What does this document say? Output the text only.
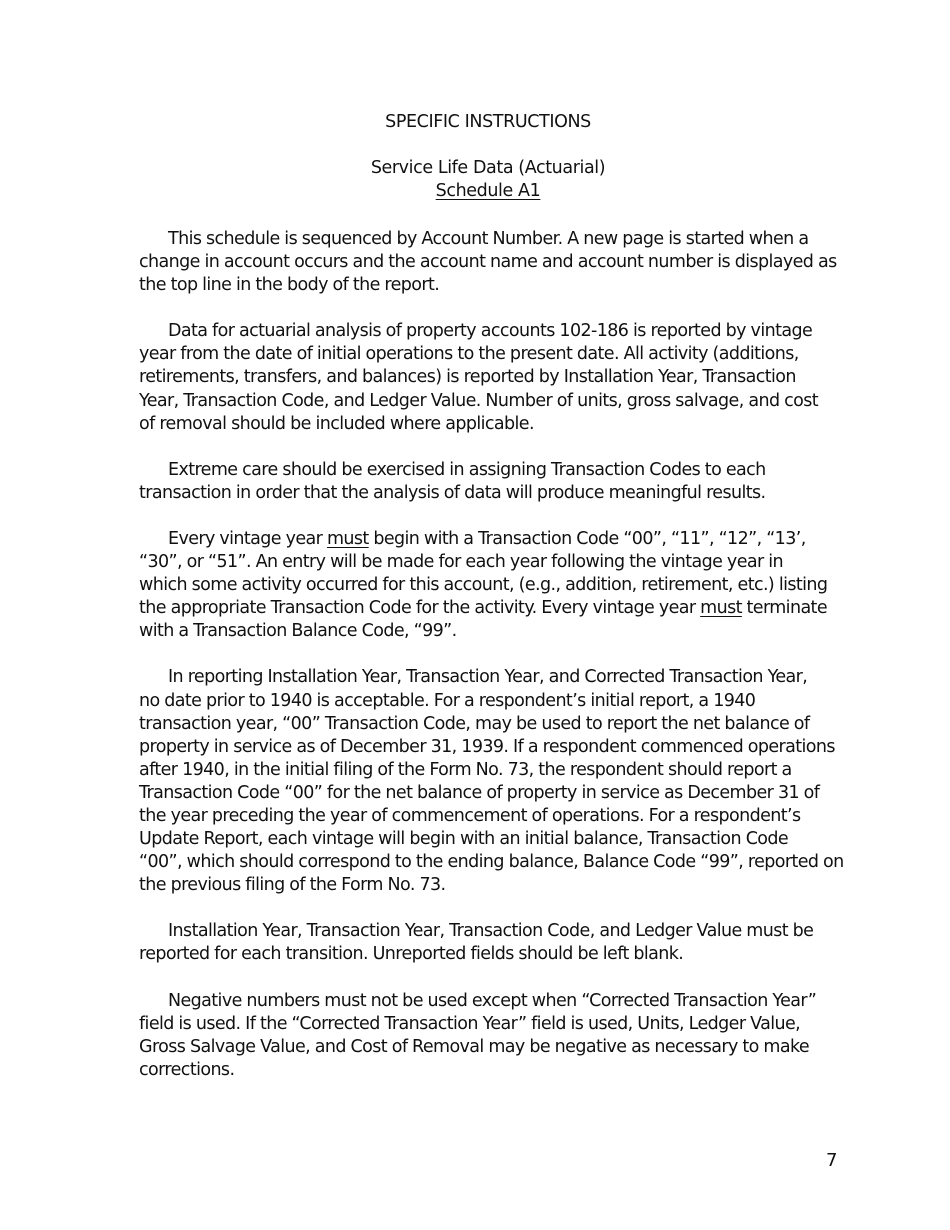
SPECIFIC INSTRUCTIONS
Service Life Data (Actuarial)
Schedule A1

This schedule is sequenced by Account Number. A new page is started when a
change in account occurs and the account name and account number is displayed as
the top line in the body of the report.

Data for actuarial analysis of property accounts 102-186 is reported by vintage
year from the date of initial operations to the present date. All activity (additions,
retirements, transfers, and balances) is reported by Installation Year, Transaction
Year, Transaction Code, and Ledger Value. Number of units, gross salvage, and cost
of removal should be included where applicable.

Extreme care should be exercised in assigning Transaction Codes to each
transaction in order that the analysis of data will produce meaningful results.

Every vintage year must begin with a Transaction Code “00”, “11”, “12”, “13’,
“30”, or “51”. An entry will be made for each year following the vintage year in
which some activity occurred for this account, (e.g., addition, retirement, etc.) listing
the appropriate Transaction Code for the activity. Every vintage year must terminate
with a Transaction Balance Code, “99”.

In reporting Installation Year, Transaction Year, and Corrected Transaction Year,
no date prior to 1940 is acceptable. For a respondent’s initial report, a 1940
transaction year, “00” Transaction Code, may be used to report the net balance of
property in service as of December 31, 1939. If a respondent commenced operations
after 1940, in the initial filing of the Form No. 73, the respondent should report a
Transaction Code “00” for the net balance of property in service as December 31 of
the year preceding the year of commencement of operations. For a respondent’s
Update Report, each vintage will begin with an initial balance, Transaction Code
“00”, which should correspond to the ending balance, Balance Code “99”, reported on
the previous filing of the Form No. 73.

Installation Year, Transaction Year, Transaction Code, and Ledger Value must be
reported for each transition. Unreported fields should be left blank.

Negative numbers must not be used except when “Corrected Transaction Year”
field is used. If the “Corrected Transaction Year” field is used, Units, Ledger Value,
Gross Salvage Value, and Cost of Removal may be negative as necessary to make
corrections.

7
